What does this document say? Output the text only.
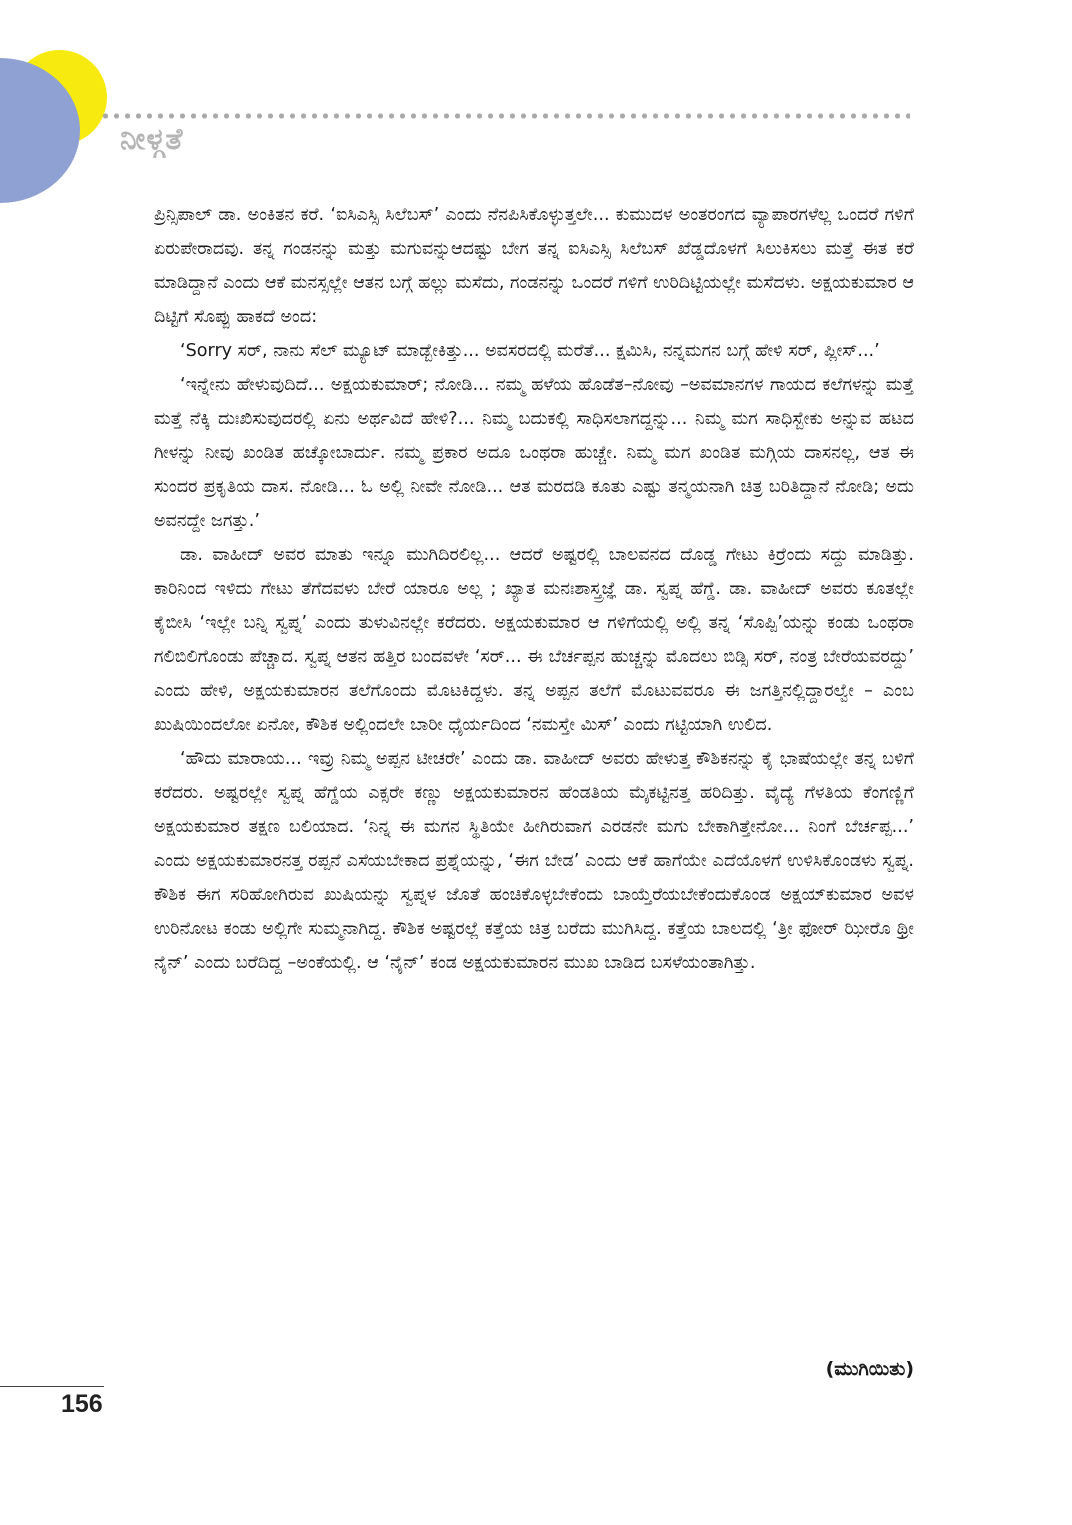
ನೀಳ್ಗತೆ

ಪ್ರಿನ್ಸಿಪಾಲ್ ಡಾ. ಅಂಕಿತನ ಕರೆ. ‘ಐಸಿಎಸ್ಸಿ ಸಿಲೆಬಸ್’ ಎಂದು ನೆನಪಿಸಿಕೊಳ್ಳುತ್ತಲೇ... ಕುಮುದಳ ಅಂತರಂಗದ ವ್ಯಾಪಾರಗಳೆಲ್ಲ ಒಂದರೆ ಗಳಿಗೆ ಏರುಪೇರಾದವು. ತನ್ನ ಗಂಡನನ್ನು ಮತ್ತು ಮಗುವನ್ನುಆದಷ್ಟು ಬೇಗ ತನ್ನ ಐಸಿಎಸ್ಸಿ ಸಿಲೆಬಸ್ ಖೆಡ್ಡದೊಳಗೆ ಸಿಲುಕಿಸಲು ಮತ್ತೆ ಈತ ಕರೆ ಮಾಡಿದ್ದಾನೆ ಎಂದು ಆಕೆ ಮನಸ್ಸಲ್ಲೇ ಆತನ ಬಗ್ಗೆ ಹಲ್ಲು ಮಸೆದು, ಗಂಡನನ್ನು ಒಂದರೆ ಗಳಿಗೆ ಉರಿದಿಟ್ಟಿಯಲ್ಲೇ ಮಸೆದಳು. ಅಕ್ಷಯಕುಮಾರ ಆ ದಿಟ್ಟಿಗೆ ಸೊಪ್ಪು ಹಾಕದೆ ಅಂದ:

‘Sorry ಸರ್, ನಾನು ಸೆಲ್ ಮ್ಯೂಟ್ ಮಾಡ್ಬೇಕಿತ್ತು... ಅವಸರದಲ್ಲಿ ಮರೆತೆ... ಕ್ಷಮಿಸಿ, ನನ್ನಮಗನ ಬಗ್ಗೆ ಹೇಳಿ ಸರ್, ಪ್ಲೀಸ್...’

‘ಇನ್ನೇನು ಹೇಳುವುದಿದೆ... ಅಕ್ಷಯಕುಮಾರ್; ನೋಡಿ... ನಮ್ಮ ಹಳೆಯ ಹೊಡೆತ–ನೋವು –ಅವಮಾನಗಳ ಗಾಯದ ಕಲೆಗಳನ್ನು ಮತ್ತೆ ಮತ್ತೆ ನೆಕ್ಕಿ ದುಃಖಿಸುವುದರಲ್ಲಿ ಏನು ಅರ್ಥವಿದೆ ಹೇಳಿ?... ನಿಮ್ಮ ಬದುಕಲ್ಲಿ ಸಾಧಿಸಲಾಗದ್ದನ್ನು... ನಿಮ್ಮ ಮಗ ಸಾಧಿಸ್ಬೇಕು ಅನ್ನುವ ಹಟದ ಗೀಳನ್ನು ನೀವು ಖಂಡಿತ ಹಚ್ಕೋಬಾರ್ದು. ನಮ್ಮ ಪ್ರಕಾರ ಅದೂ ಒಂಥರಾ ಹುಚ್ಚೇ. ನಿಮ್ಮ ಮಗ ಖಂಡಿತ ಮಗ್ಗಿಯ ದಾಸನಲ್ಲ, ಆತ ಈ ಸುಂದರ ಪ್ರಕೃತಿಯ ದಾಸ. ನೋಡಿ... ಓ ಅಲ್ಲಿ ನೀವೇ ನೋಡಿ... ಆತ ಮರದಡಿ ಕೂತು ಎಷ್ಟು ತನ್ಮಯನಾಗಿ ಚಿತ್ರ ಬರಿತಿದ್ದಾನೆ ನೋಡಿ; ಅದು ಅವನದ್ದೇ ಜಗತ್ತು.’

ಡಾ. ವಾಹೀದ್ ಅವರ ಮಾತು ಇನ್ನೂ ಮುಗಿದಿರಲಿಲ್ಲ... ಆದರೆ ಅಷ್ಟರಲ್ಲಿ ಬಾಲವನದ ದೊಡ್ಡ ಗೇಟು ಕಿರ್ರೆಂದು ಸದ್ದು ಮಾಡಿತ್ತು. ಕಾರಿನಿಂದ ಇಳಿದು ಗೇಟು ತೆಗೆದವಳು ಬೇರೆ ಯಾರೂ ಅಲ್ಲ ; ಖ್ಯಾತ ಮನಃಶಾಸ್ತ್ರಜ್ಞೆ ಡಾ. ಸ್ವಪ್ನ ಹೆಗ್ಡೆ. ಡಾ. ವಾಹೀದ್ ಅವರು ಕೂತಲ್ಲೇ ಕೈಬೀಸಿ ‘ಇಲ್ಲೇ ಬನ್ನಿ ಸ್ವಪ್ನ’ ಎಂದು ತುಳುವಿನಲ್ಲೇ ಕರೆದರು. ಅಕ್ಷಯಕುಮಾರ ಆ ಗಳಿಗೆಯಲ್ಲಿ ಅಲ್ಲಿ ತನ್ನ ‘ಸೊಪ್ಪಿ’ಯನ್ನು ಕಂಡು ಒಂಥರಾ ಗಲಿಬಿಲಿಗೊಂಡು ಪೆಚ್ಚಾದ. ಸ್ವಪ್ನ ಆತನ ಹತ್ತಿರ ಬಂದವಳೇ ‘ಸರ್... ಈ ಬೆರ್ಚಪ್ಪನ ಹುಚ್ಚನ್ನು ಮೊದಲು ಬಿಡ್ಸಿ ಸರ್, ನಂತ್ರ ಬೇರೆಯವರದ್ದು’ ಎಂದು ಹೇಳಿ, ಅಕ್ಷಯಕುಮಾರನ ತಲೆಗೊಂದು ಮೊಟಕಿದ್ದಳು. ತನ್ನ ಅಪ್ಪನ ತಲೆಗೆ ಮೊಟುವವರೂ ಈ ಜಗತ್ತಿನಲ್ಲಿದ್ದಾರಲ್ವೇ – ಎಂಬ ಖುಷಿಯಿಂದಲೋ ಏನೋ, ಕೌಶಿಕ ಅಲ್ಲಿಂದಲೇ ಬಾರೀ ಧೈರ್ಯದಿಂದ ‘ನಮಸ್ತೇ ಮಿಸ್’ ಎಂದು ಗಟ್ಟಿಯಾಗಿ ಉಲಿದ.

‘ಹೌದು ಮಾರಾಯ... ಇವ್ರು ನಿಮ್ಮ ಅಪ್ಪನ ಟೀಚರೇ’ ಎಂದು ಡಾ. ವಾಹೀದ್ ಅವರು ಹೇಳುತ್ತ ಕೌಶಿಕನನ್ನು ಕೈ ಭಾಷೆಯಲ್ಲೇ ತನ್ನ ಬಳಿಗೆ ಕರೆದರು. ಅಷ್ಟರಲ್ಲೇ ಸ್ವಪ್ನ ಹೆಗ್ಡೆಯ ಎಕ್ಸರೇ ಕಣ್ಣು ಅಕ್ಷಯಕುಮಾರನ ಹೆಂಡತಿಯ ಮೈಕಟ್ಟಿನತ್ತ ಹರಿದಿತ್ತು. ವೈದ್ಯೆ ಗೆಳತಿಯ ಕೆಂಗಣ್ಣಿಗೆ ಅಕ್ಷಯಕುಮಾರ ತಕ್ಷಣ ಬಲಿಯಾದ. ‘ನಿನ್ನ ಈ ಮಗನ ಸ್ಥಿತಿಯೇ ಹೀಗಿರುವಾಗ ಎರಡನೇ ಮಗು ಬೇಕಾಗಿತ್ತೇನೋ... ನಿಂಗೆ ಬೆರ್ಚಪ್ಪ...’ ಎಂದು ಅಕ್ಷಯಕುಮಾರನತ್ತ ರಪ್ಪನೆ ಎಸೆಯಬೇಕಾದ ಪ್ರಶ್ನೆಯನ್ನು, ‘ಈಗ ಬೇಡ’ ಎಂದು ಆಕೆ ಹಾಗೆಯೇ ಎದೆಯೊಳಗೆ ಉಳಿಸಿಕೊಂಡಳು ಸ್ವಪ್ನ. ಕೌಶಿಕ ಈಗ ಸರಿಹೋಗಿರುವ ಖುಷಿಯನ್ನು ಸ್ವಪ್ನಳ ಜೊತೆ ಹಂಚಿಕೊಳ್ಳಬೇಕೆಂದು ಬಾಯ್ತೆರೆಯಬೇಕೆಂದುಕೊಂಡ ಅಕ್ಷಯ್‌ಕುಮಾರ ಅವಳ ಉರಿನೋಟ ಕಂಡು ಅಲ್ಲಿಗೇ ಸುಮ್ಮನಾಗಿದ್ದ. ಕೌಶಿಕ ಅಷ್ಟರಲ್ಲೆ ಕತ್ತೆಯ ಚಿತ್ರ ಬರೆದು ಮುಗಿಸಿದ್ದ. ಕತ್ತೆಯ ಬಾಲದಲ್ಲಿ ‘ತ್ರೀ ಫೋರ್ ಝೀರೊ ಥ್ರೀ ನೈನ್’ ಎಂದು ಬರೆದಿದ್ದ –ಅಂಕೆಯಲ್ಲಿ. ಆ ‘ನೈನ್’ ಕಂಡ ಅಕ್ಷಯಕುಮಾರನ ಮುಖ ಬಾಡಿದ ಬಸಳೆಯಂತಾಗಿತ್ತು.

(ಮುಗಿಯಿತು)
156
